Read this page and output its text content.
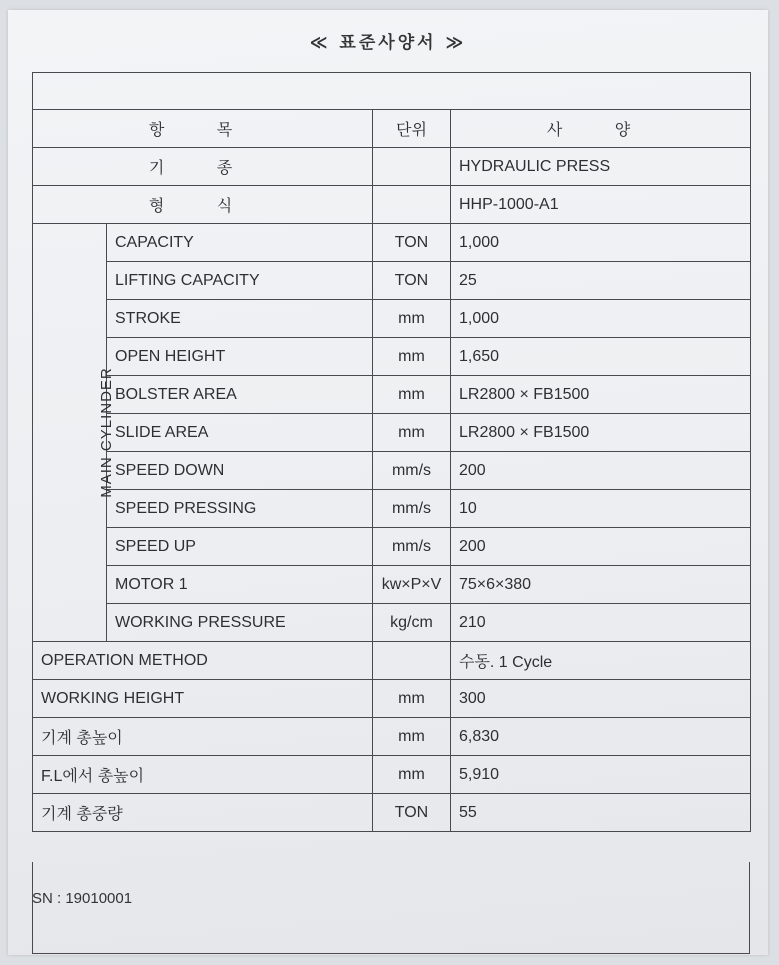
≪ 표준사양서 ≫

항 목		단위	사 양
기 종			HYDRAULIC PRESS
형 식			HHP-1000-A1
MAIN CYLINDER	CAPACITY	TON	1,000
	LIFTING CAPACITY	TON	25
	STROKE	mm	1,000
	OPEN HEIGHT	mm	1,650
	BOLSTER AREA	mm	LR2800 × FB1500
	SLIDE AREA	mm	LR2800 × FB1500
	SPEED DOWN	mm/s	200
	SPEED PRESSING	mm/s	10
	SPEED UP	mm/s	200
	MOTOR 1	kw×P×V	75×6×380
	WORKING PRESSURE	kg/cm	210
OPERATION METHOD			수동. 1 Cycle
WORKING HEIGHT		mm	300
기계 총높이		mm	6,830
F.L에서 총높이		mm	5,910
기계 총중량		TON	55
SN : 19010001
